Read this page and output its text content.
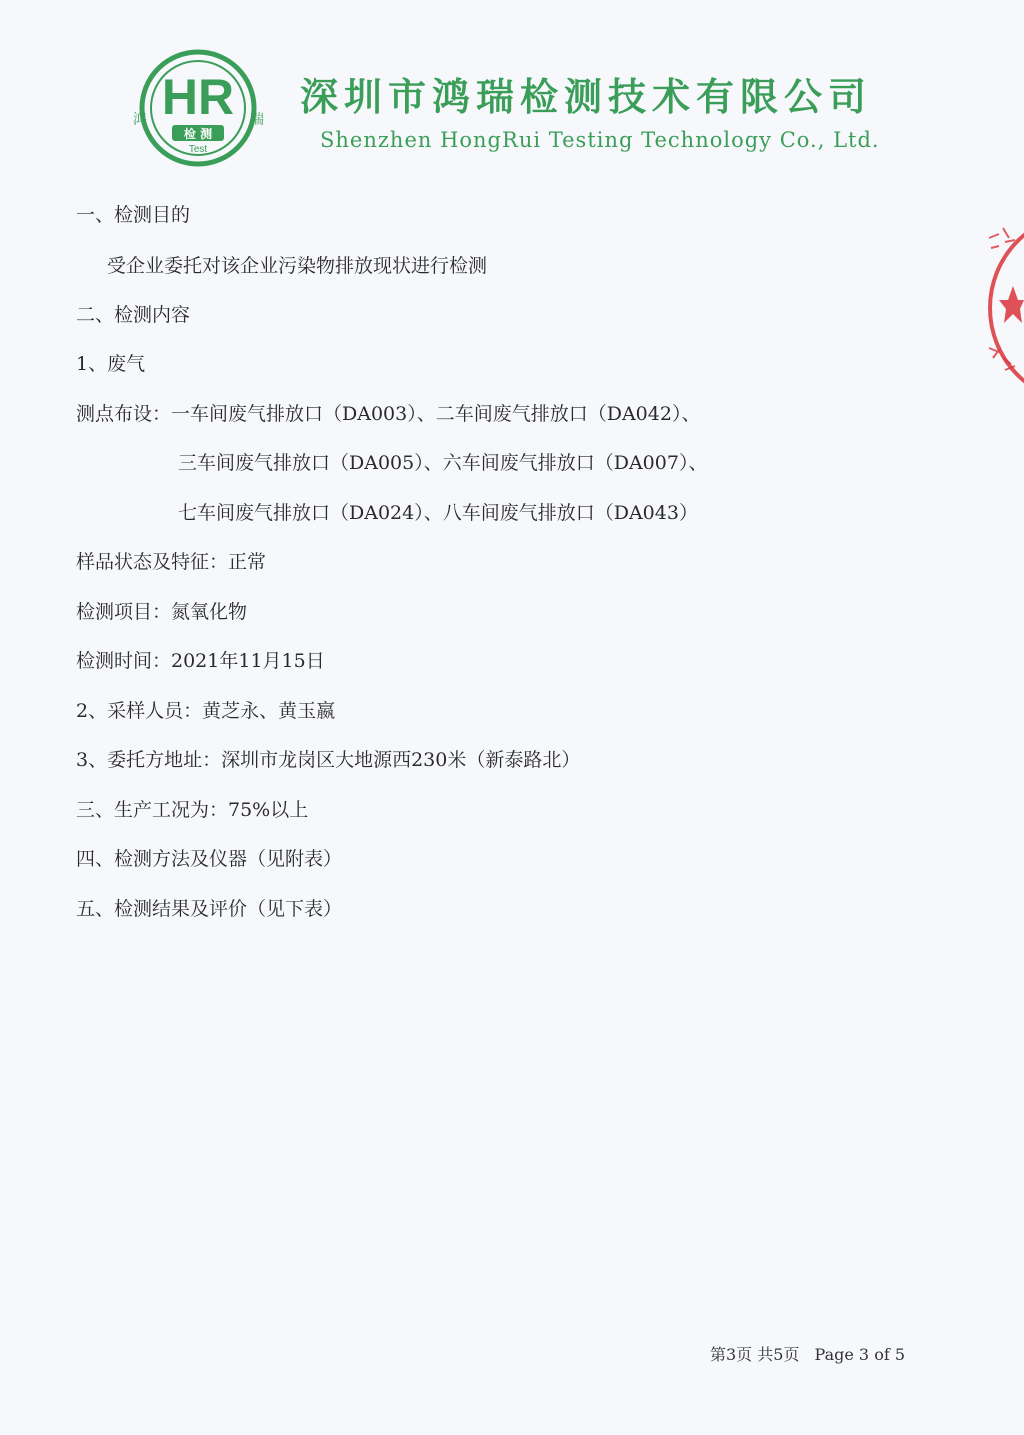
HR
鸿	瑞
检 测
Test
深圳市鸿瑞检测技术有限公司
Shenzhen HongRui Testing Technology Co., Ltd.
一、检测目的
受企业委托对该企业污染物排放现状进行检测
二、检测内容
1、废气
测点布设：一车间废气排放口（DA003）、二车间废气排放口（DA042）、
三车间废气排放口（DA005）、六车间废气排放口（DA007）、
七车间废气排放口（DA024）、八车间废气排放口（DA043）
样品状态及特征：正常
检测项目：氮氧化物
检测时间：2021年11月15日
2、采样人员：黄芝永、黄玉嬴
3、委托方地址：深圳市龙岗区大地源西230米（新泰路北）
三、生产工况为：75%以上
四、检测方法及仪器（见附表）
五、检测结果及评价（见下表）
第3页 共5页 Page 3 of 5
